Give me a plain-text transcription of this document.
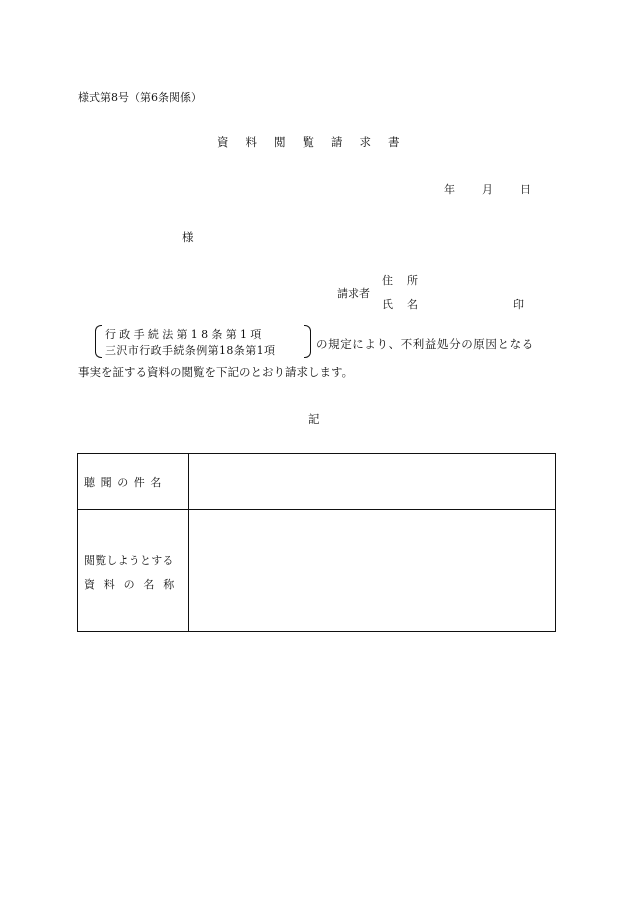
様式第8号（第6条関係）
資 料 閲 覧 請 求 書
年 月 日
様
請求者
住 所
氏 名	印
行政手続法第18条第1項
三沢市行政手続条例第18条第1項	の規定により、不利益処分の原因となる
事実を証する資料の閲覧を下記のとおり請求します。
記
聴聞の件名
閲覧しようとする
資料の名称
